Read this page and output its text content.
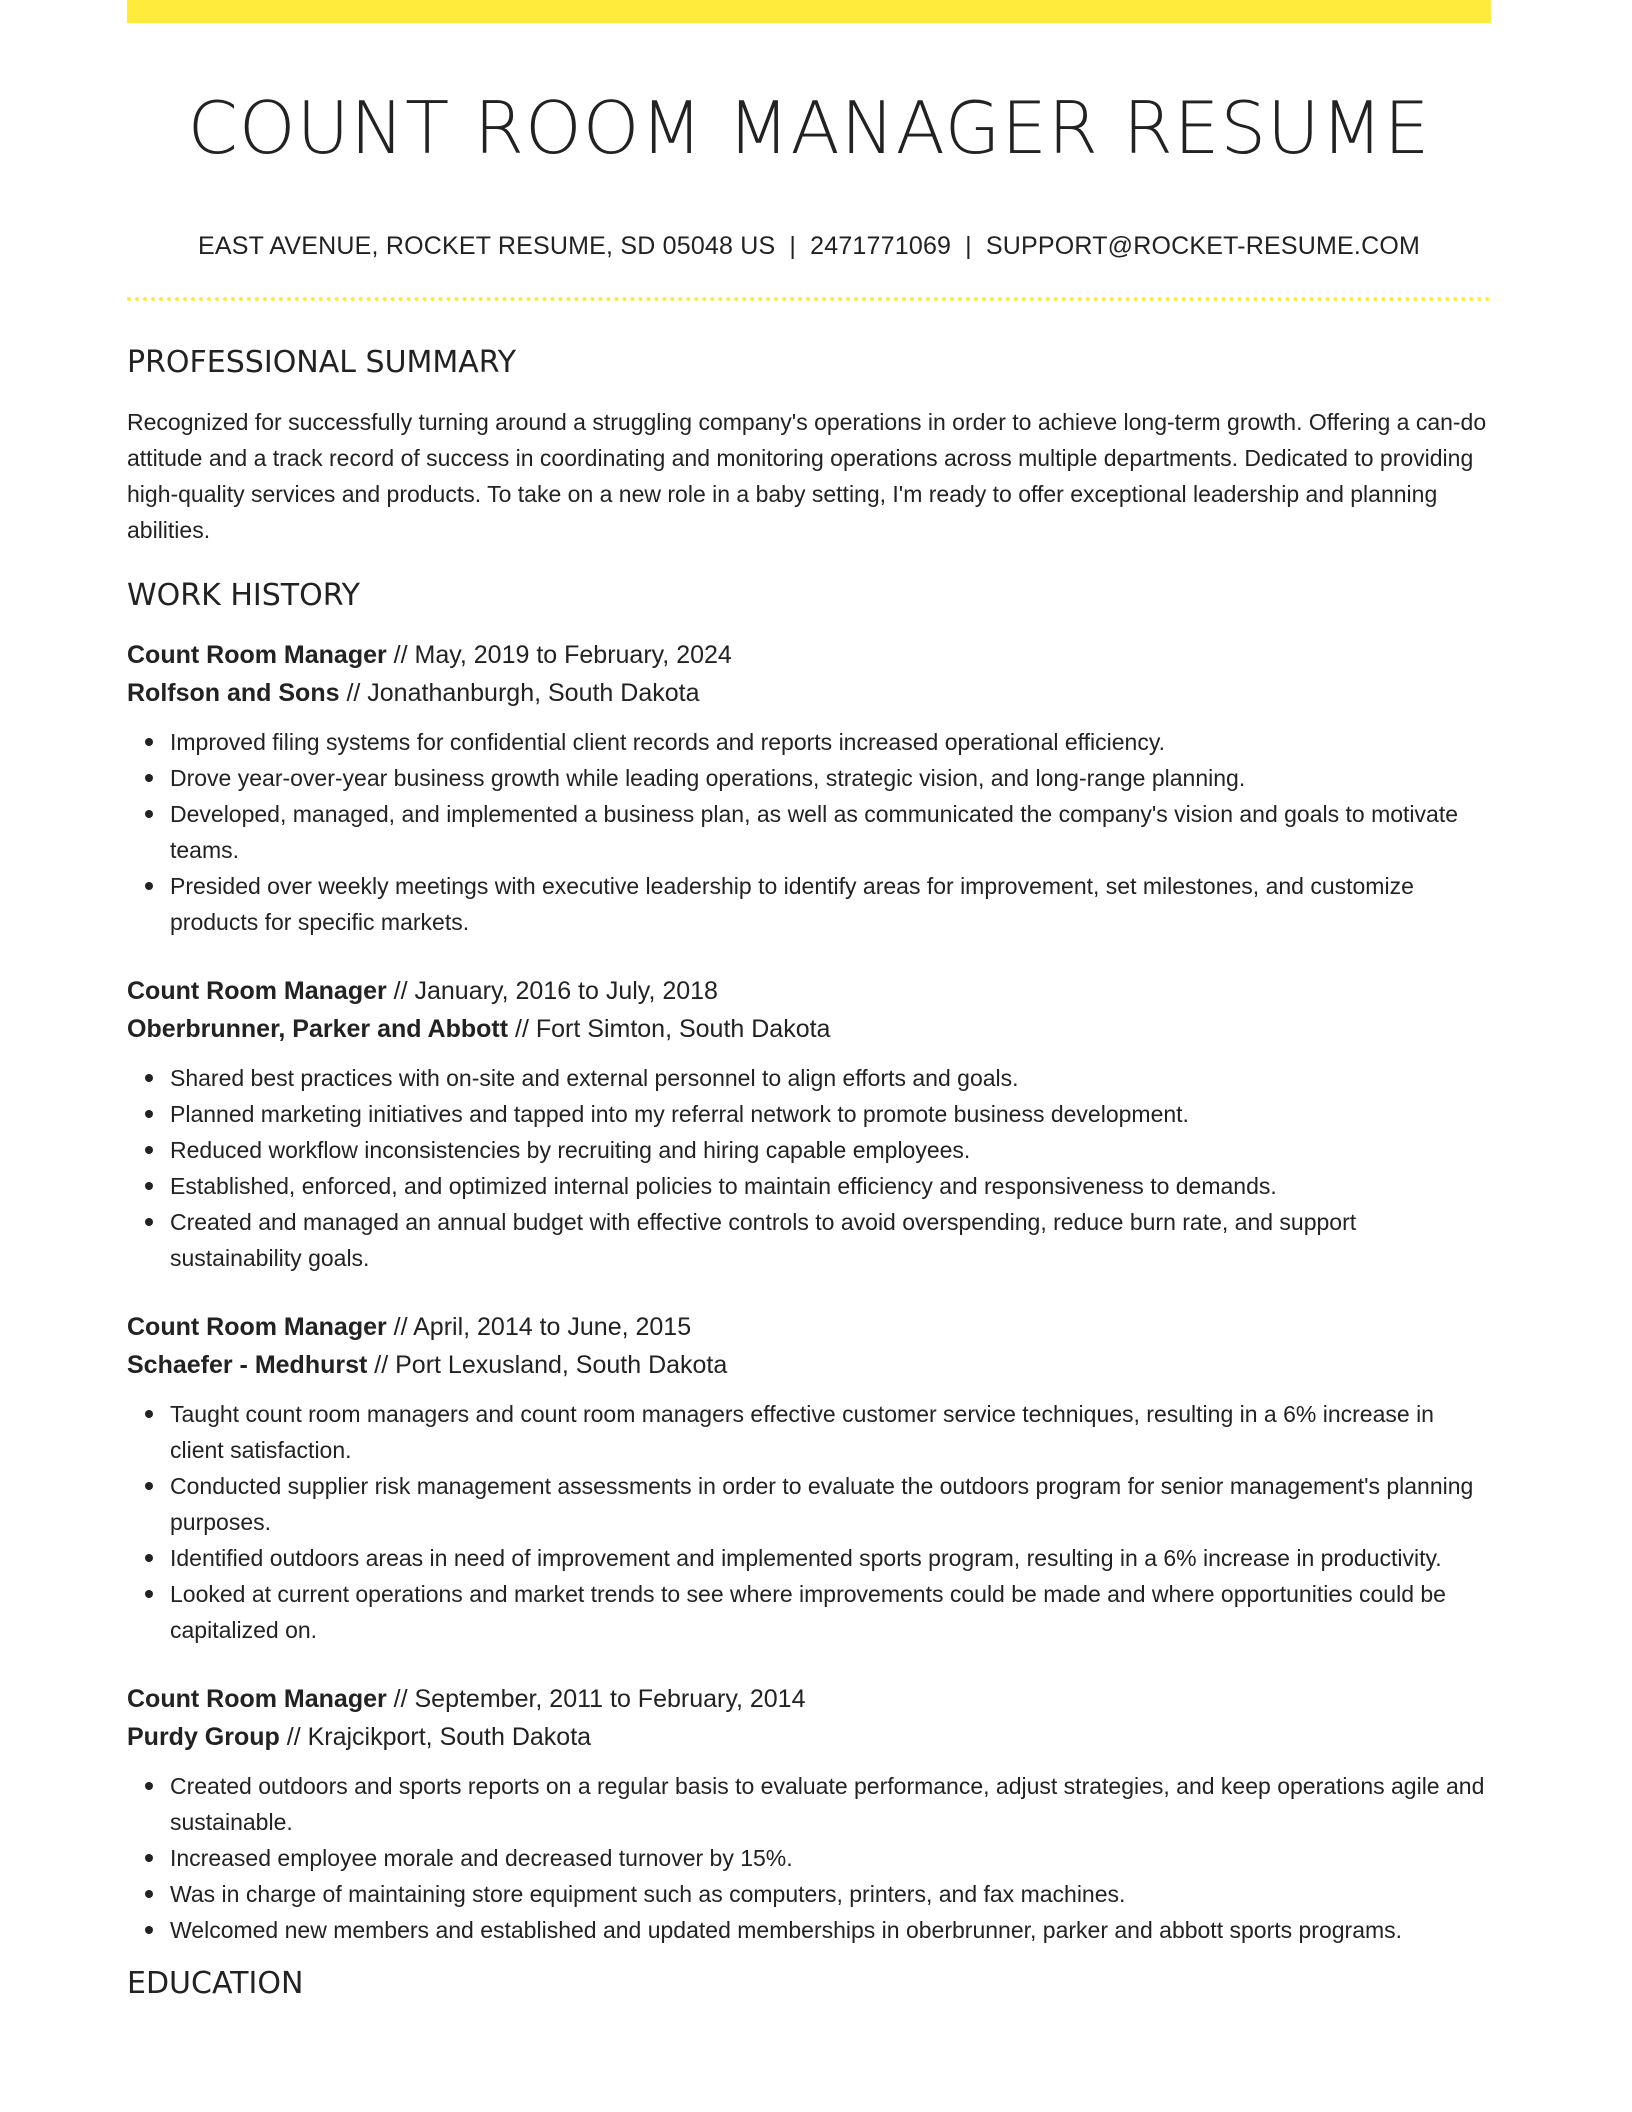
COUNT ROOM MANAGER RESUME
EAST AVENUE, ROCKET RESUME, SD 05048 US | 2471771069 | SUPPORT@ROCKET-RESUME.COM
PROFESSIONAL SUMMARY

Recognized for successfully turning around a struggling company's operations in order to achieve long-term growth. Offering a can-do attitude and a track record of success in coordinating and monitoring operations across multiple departments. Dedicated to providing high-quality services and products. To take on a new role in a baby setting, I'm ready to offer exceptional leadership and planning abilities.

WORK HISTORY
Count Room Manager // May, 2019 to February, 2024
Rolfson and Sons // Jonathanburgh, South Dakota
Improved filing systems for confidential client records and reports increased operational efficiency.
Drove year-over-year business growth while leading operations, strategic vision, and long-range planning.
Developed, managed, and implemented a business plan, as well as communicated the company's vision and goals to motivate teams.
Presided over weekly meetings with executive leadership to identify areas for improvement, set milestones, and customize products for specific markets.
Count Room Manager // January, 2016 to July, 2018
Oberbrunner, Parker and Abbott // Fort Simton, South Dakota
Shared best practices with on-site and external personnel to align efforts and goals.
Planned marketing initiatives and tapped into my referral network to promote business development.
Reduced workflow inconsistencies by recruiting and hiring capable employees.
Established, enforced, and optimized internal policies to maintain efficiency and responsiveness to demands.
Created and managed an annual budget with effective controls to avoid overspending, reduce burn rate, and support sustainability goals.
Count Room Manager // April, 2014 to June, 2015
Schaefer - Medhurst // Port Lexusland, South Dakota
Taught count room managers and count room managers effective customer service techniques, resulting in a 6% increase in client satisfaction.
Conducted supplier risk management assessments in order to evaluate the outdoors program for senior management's planning purposes.
Identified outdoors areas in need of improvement and implemented sports program, resulting in a 6% increase in productivity.
Looked at current operations and market trends to see where improvements could be made and where opportunities could be capitalized on.
Count Room Manager // September, 2011 to February, 2014
Purdy Group // Krajcikport, South Dakota
Created outdoors and sports reports on a regular basis to evaluate performance, adjust strategies, and keep operations agile and sustainable.
Increased employee morale and decreased turnover by 15%.
Was in charge of maintaining store equipment such as computers, printers, and fax machines.
Welcomed new members and established and updated memberships in oberbrunner, parker and abbott sports programs.
EDUCATION
